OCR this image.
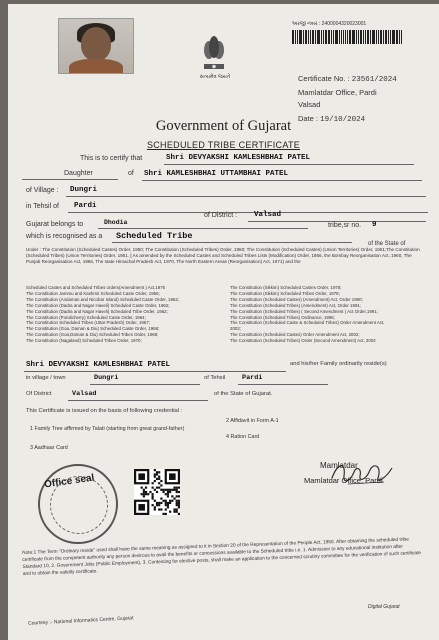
સત્યમેવ જયતે
અરજી નંબર : 2400004320023001
Certificate No. : 23561/2024
Mamlatdar Office, Pardi
Valsad
Date : 19/10/2024
Government of Gujarat
SCHEDULED TRIBE CERTIFICATE
This is to certify that	Shri DEVYAKSHI KAMLESHBHAI PATEL
Daughter	of Shri KAMLESHBHAI UTTAMBHAI PATEL
of Village : Dungri
in Tehsil of Pardi
of District : Valsad
Gujarat belongs to	Dhodia	tribe,sr no. 9
which is recognised as a Scheduled Tribe
of the State of
Under : The Constitution (Scheduled Castes) Order, 1950; The Constitution (Scheduled Tribes) Order, 1950; The Constitution (Scheduled Castes) (Union Territories) Order, 1951;The Constitution (Scheduled Tribes) (Union Territories) Order, 1951. [ As amended by the Scheduled Castes and Scheduled Tribes Lists (Modification) Order, 1956, the Bombay Reorganisation Act, 1960, The Punjab Reorganisation Act, 1966, The state Himachal Pradesh Act, 1970, The North Eastern Areas (Reorganisation) Act, 1971) and the
Scheduled Castes and Scheduled Tribes orders(Amendment ) Act,1976
The Constitution Jammu and Kashmir Scheduled Caste Order, 1956;
The Constitution (Andaman and Nicobar Island) Scheduled Caste Order, 1962;
The Constitution (Dadra and Nagar Haveli) Scheduled Caste Order, 1962;
The Constitution (Dadra and Nagar Haveli) Scheduled Tribe Order, 1962;
The Constitution (Pondicherry) Scheduled Caste Order, 1964;
The Constitution Scheduled Tribes (Uttar Pradesh) Order, 1967;
The Constitution (Goa, Daman & Diu) Scheduled Caste Order, 1968;
The Constitution (Goa,Daman & Diu) Scheduled Tribes Order, 1968;
The Constitution (Nagaland) Scheduled Tribes Order, 1970;
The Constitution (Sikkim) Scheduled Castes Order, 1978;
The Constitution (Sikkim) Scheduled Tribes Order, 1978;
The Constitution (Scheduled Castes) (Amendment) Act, Order 1990;
The Constitution (Scheduled Tribes) (Amendment) Act, Order 1991;
The Constitution (Scheduled Tribes) ( Second Amendment ) Act Order,1991;
The Constitution (Scheduled Tribes) Ordinance, 1996;
The Constitution (Scheduled Caste & Scheduled Tribes) Order Amendment Act,
2002;
The Constitution (Scheduled Castes) Order Amendment Act, 2002;
The Constitution (Scheduled Tribes) Order (Second Amendment) Act, 2002
Shri DEVYAKSHI KAMLESHBHAI PATEL	and his/her Family ordinarily reside(s)
in village / town	Dungri	of Tehsil Pardi
Of District	Valsad	of the State of Gujarat.
This Certificate is issued on the basis of following credential :
1 Family Tree affirmed by Talati (starting from great grand-father)
2 Affidavit in Form A-1
3 Aadhaar Card
4 Ration Card
Mamlatdar
Mamlatdar Office, Pardi
Office seal
Note:1 The Term "Ordinary reside" used shall have the same meaning as assigned to it in Section 20 of the Representation of the People Act, 1950. After obtaining the scheduled tribe certificate from the competent authority any person desirous to avail the benefits or concessions available to the Scheduled tribe i.e. 1. Admission to any educational institution after Standard 10, 2. Government Jobs (Public Employment), 3. Contesting for elective posts, shall make an application to the concerned scrutiny committee for the verification of such certificate and to obtain the validity certificate.
Courtesy :- National Informatics Centre, Gujarat
Digital Gujarat
